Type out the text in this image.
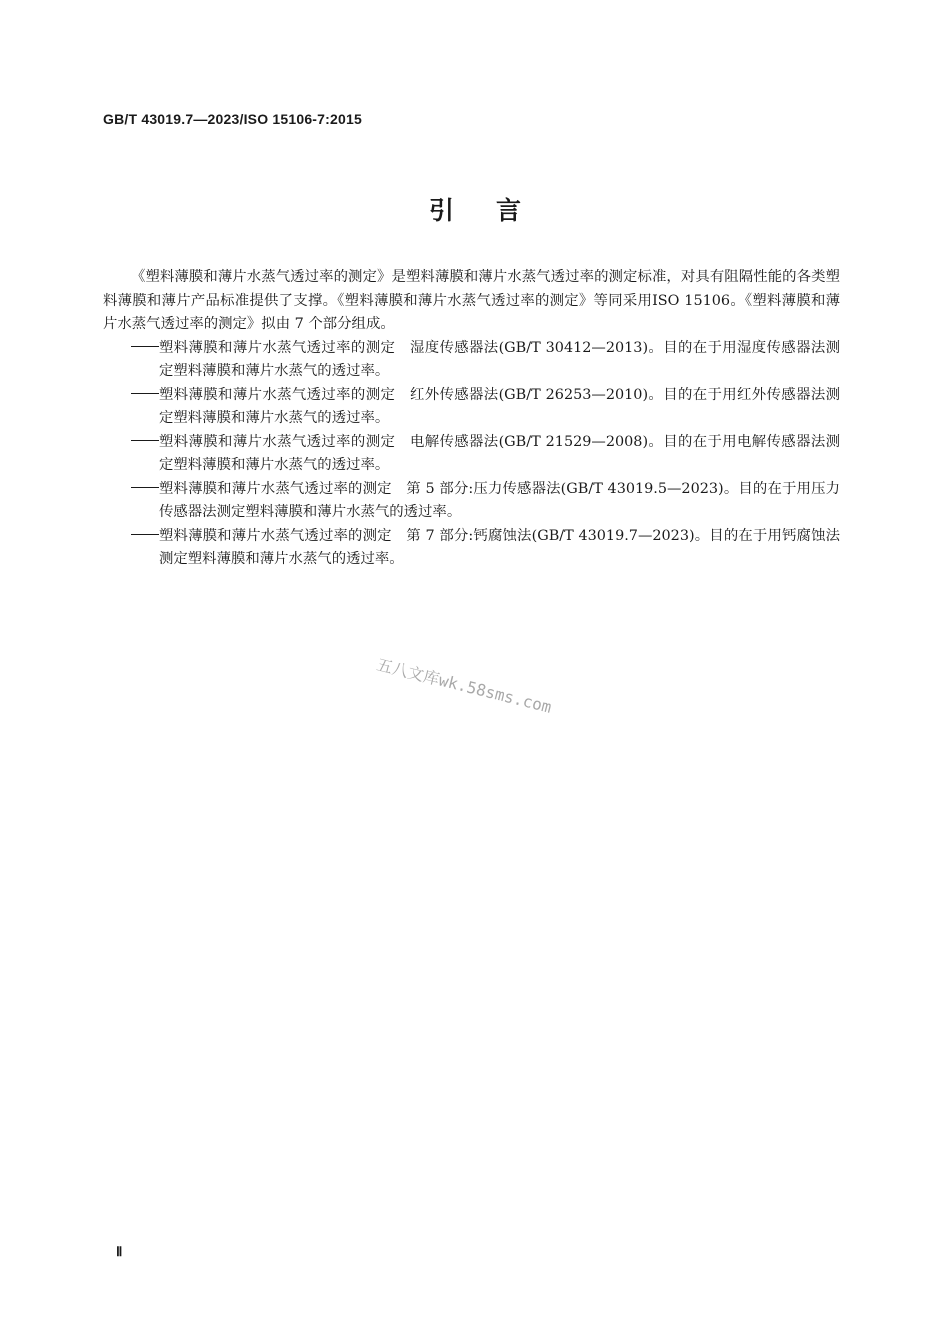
GB/T 43019.7—2023/ISO 15106-7:2015
引言

《塑料薄膜和薄片水蒸气透过率的测定》是塑料薄膜和薄片水蒸气透过率的测定标准，对具有阻隔性能的各类塑料薄膜和薄片产品标准提供了支撑。《塑料薄膜和薄片水蒸气透过率的测定》等同采用ISO 15106。《塑料薄膜和薄片水蒸气透过率的测定》拟由 7 个部分组成。

塑料薄膜和薄片水蒸气透过率的测定　湿度传感器法(GB/T 30412—2013)。目的在于用湿度传感器法测定塑料薄膜和薄片水蒸气的透过率。
塑料薄膜和薄片水蒸气透过率的测定　红外传感器法(GB/T 26253—2010)。目的在于用红外传感器法测定塑料薄膜和薄片水蒸气的透过率。
塑料薄膜和薄片水蒸气透过率的测定　电解传感器法(GB/T 21529—2008)。目的在于用电解传感器法测定塑料薄膜和薄片水蒸气的透过率。
塑料薄膜和薄片水蒸气透过率的测定　第 5 部分:压力传感器法(GB/T 43019.5—2023)。目的在于用压力传感器法测定塑料薄膜和薄片水蒸气的透过率。
塑料薄膜和薄片水蒸气透过率的测定　第 7 部分:钙腐蚀法(GB/T 43019.7—2023)。目的在于用钙腐蚀法测定塑料薄膜和薄片水蒸气的透过率。
五八文库wk.58sms.com
Ⅱ
